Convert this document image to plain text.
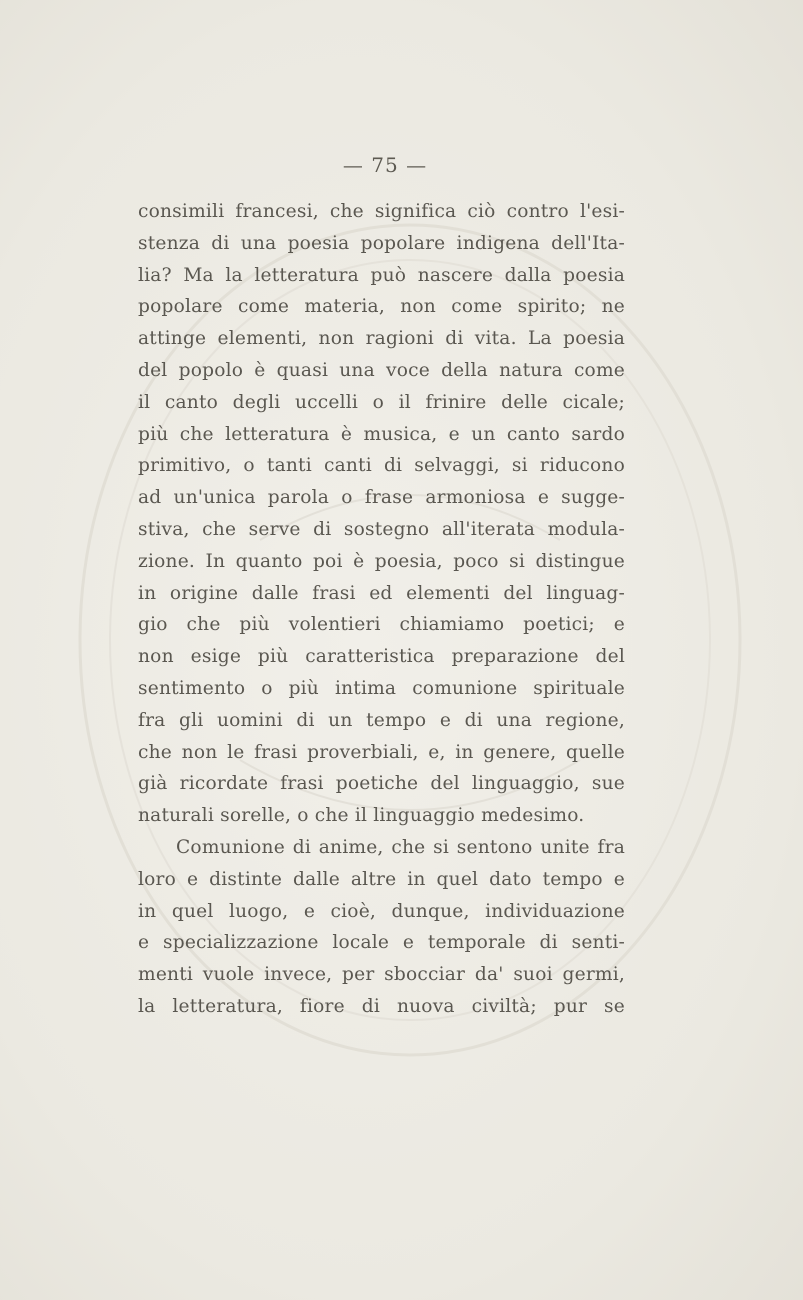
— 75 —
consimili francesi, che significa ciò contro l'esi-
stenza di una poesia popolare indigena dell'Ita-
lia? Ma la letteratura può nascere dalla poesia
popolare come materia, non come spirito; ne
attinge elementi, non ragioni di vita. La poesia
del popolo è quasi una voce della natura come
il canto degli uccelli o il frinire delle cicale;
più che letteratura è musica, e un canto sardo
primitivo, o tanti canti di selvaggi, si riducono
ad un'unica parola o frase armoniosa e sugge-
stiva, che serve di sostegno all'iterata modula-
zione. In quanto poi è poesia, poco si distingue
in origine dalle frasi ed elementi del linguag-
gio che più volentieri chiamiamo poetici; e
non esige più caratteristica preparazione del
sentimento o più intima comunione spirituale
fra gli uomini di un tempo e di una regione,
che non le frasi proverbiali, e, in genere, quelle
già ricordate frasi poetiche del linguaggio, sue
naturali sorelle, o che il linguaggio medesimo.
Comunione di anime, che si sentono unite fra
loro e distinte dalle altre in quel dato tempo e
in quel luogo, e cioè, dunque, individuazione
e specializzazione locale e temporale di senti-
menti vuole invece, per sbocciar da' suoi germi,
la letteratura, fiore di nuova civiltà; pur se
